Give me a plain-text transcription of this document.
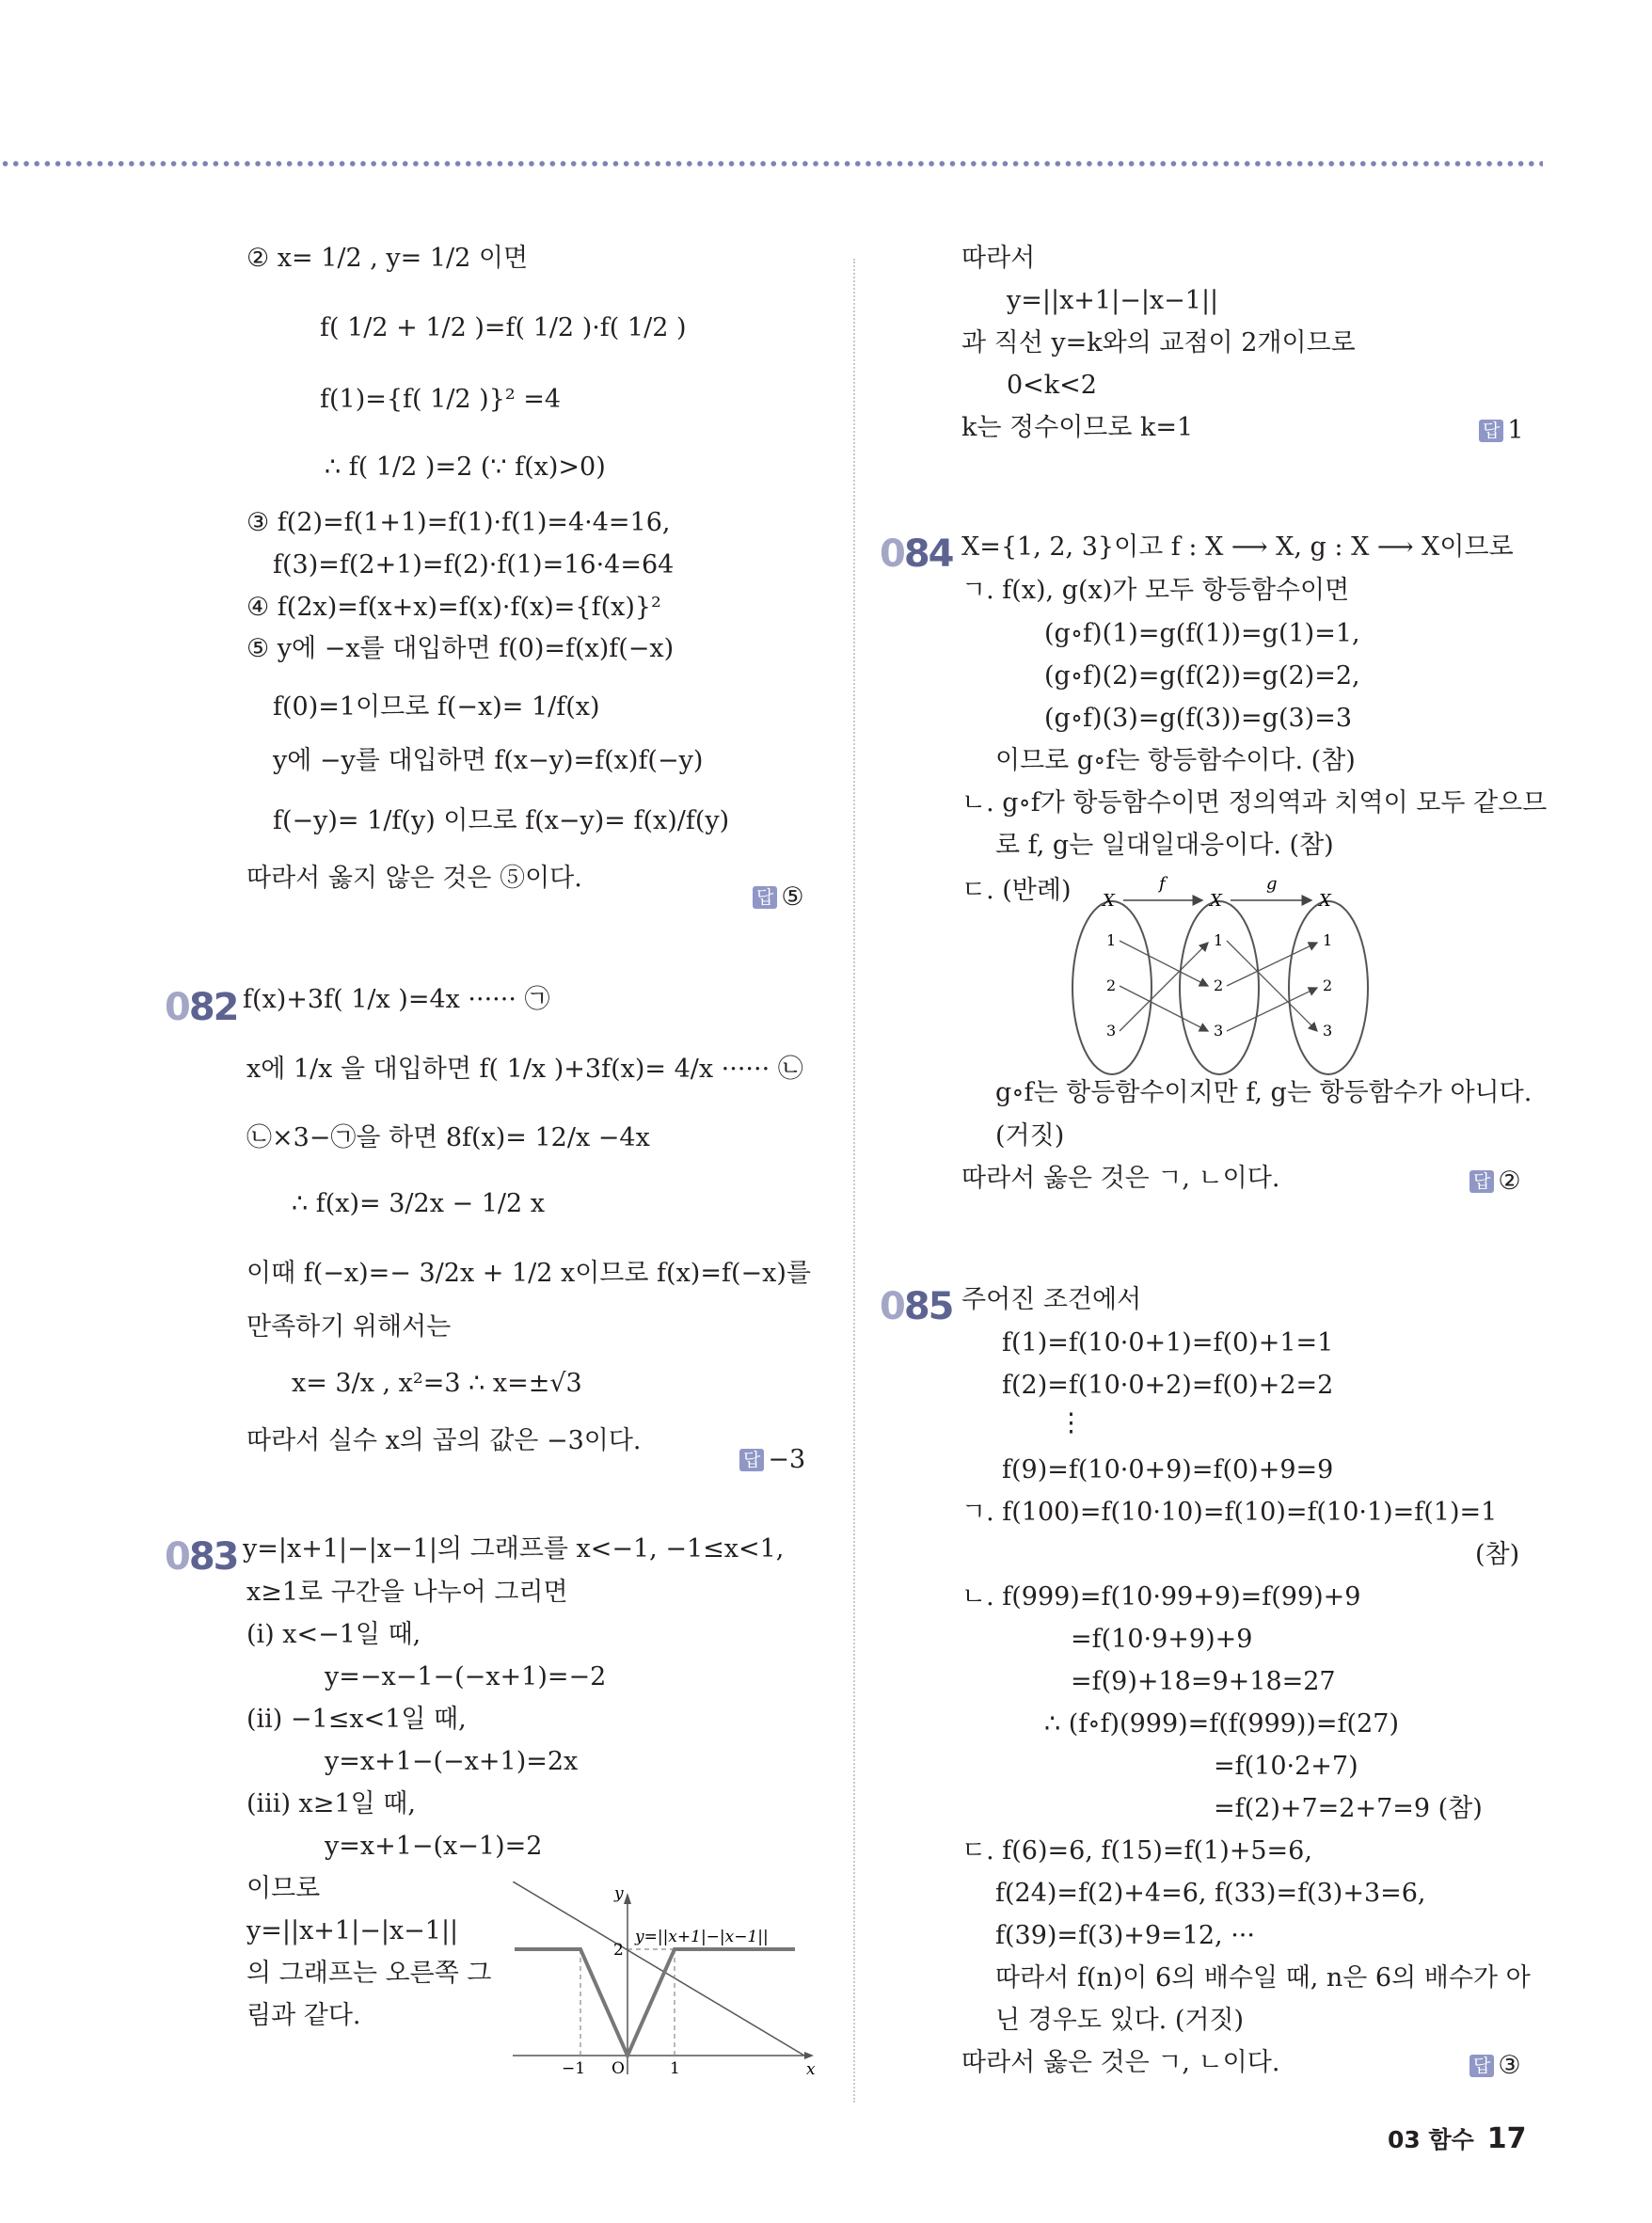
② x= 1/2 , y= 1/2 이면
f( 1/2 + 1/2 )=f( 1/2 )·f( 1/2 )
f(1)={f( 1/2 )}² =4
∴ f( 1/2 )=2 (∵ f(x)>0)
③ f(2)=f(1+1)=f(1)·f(1)=4·4=16,
f(3)=f(2+1)=f(2)·f(1)=16·4=64
④ f(2x)=f(x+x)=f(x)·f(x)={f(x)}²
⑤ y에 −x를 대입하면 f(0)=f(x)f(−x)
f(0)=1이므로 f(−x)= 1/f(x)
y에 −y를 대입하면 f(x−y)=f(x)f(−y)
f(−y)= 1/f(y) 이므로 f(x−y)= f(x)/f(y)
따라서 옳지 않은 것은 ⑤이다.
f(x)+3f( 1/x )=4x ······ ㉠
x에 1/x 을 대입하면 f( 1/x )+3f(x)= 4/x ······ ㉡
㉡×3−㉠을 하면 8f(x)= 12/x −4x
∴ f(x)= 3/2x − 1/2 x
이때 f(−x)=− 3/2x + 1/2 x이므로 f(x)=f(−x)를
만족하기 위해서는
x= 3/x , x²=3 ∴ x=±√3
따라서 실수 x의 곱의 값은 −3이다.
y=|x+1|−|x−1|의 그래프를 x<−1, −1≤x<1,
x≥1로 구간을 나누어 그리면
(ⅰ) x<−1일 때,
y=−x−1−(−x+1)=−2
(ⅱ) −1≤x<1일 때,
y=x+1−(−x+1)=2x
(ⅲ) x≥1일 때,
y=x+1−(x−1)=2
이므로
y=||x+1|−|x−1||
의 그래프는 오른쪽 그
림과 같다.
따라서
y=||x+1|−|x−1||
과 직선 y=k와의 교점이 2개이므로
0<k<2
k는 정수이므로 k=1
X={1, 2, 3}이고 f : X ⟶ X, g : X ⟶ X이므로
ㄱ. f(x), g(x)가 모두 항등함수이면
(g∘f)(1)=g(f(1))=g(1)=1,
(g∘f)(2)=g(f(2))=g(2)=2,
(g∘f)(3)=g(f(3))=g(3)=3
이므로 g∘f는 항등함수이다. (참)
ㄴ. g∘f가 항등함수이면 정의역과 치역이 모두 같으므
로 f, g는 일대일대응이다. (참)
ㄷ. (반례)
g∘f는 항등함수이지만 f, g는 항등함수가 아니다.
(거짓)
따라서 옳은 것은 ㄱ, ㄴ이다.
주어진 조건에서
f(1)=f(10·0+1)=f(0)+1=1
f(2)=f(10·0+2)=f(0)+2=2
⋮
f(9)=f(10·0+9)=f(0)+9=9
ㄱ. f(100)=f(10·10)=f(10)=f(10·1)=f(1)=1
(참)
ㄴ. f(999)=f(10·99+9)=f(99)+9
=f(10·9+9)+9
=f(9)+18=9+18=27
∴ (f∘f)(999)=f(f(999))=f(27)
=f(10·2+7)
=f(2)+7=2+7=9 (참)
ㄷ. f(6)=6, f(15)=f(1)+5=6,
f(24)=f(2)+4=6, f(33)=f(3)+3=6,
f(39)=f(3)+9=12, ···
따라서 f(n)이 6의 배수일 때, n은 6의 배수가 아
닌 경우도 있다. (거짓)
따라서 옳은 것은 ㄱ, ㄴ이다.
082
083
084
085
답 ⑤
답 −3
답 1
답 ②
답 ③
y
x
y=||x+1|−|x−1||
2
−1 O	1
X	X	X
f	g
1
2
3
1
2
3
1
2
3
03 함수 17
